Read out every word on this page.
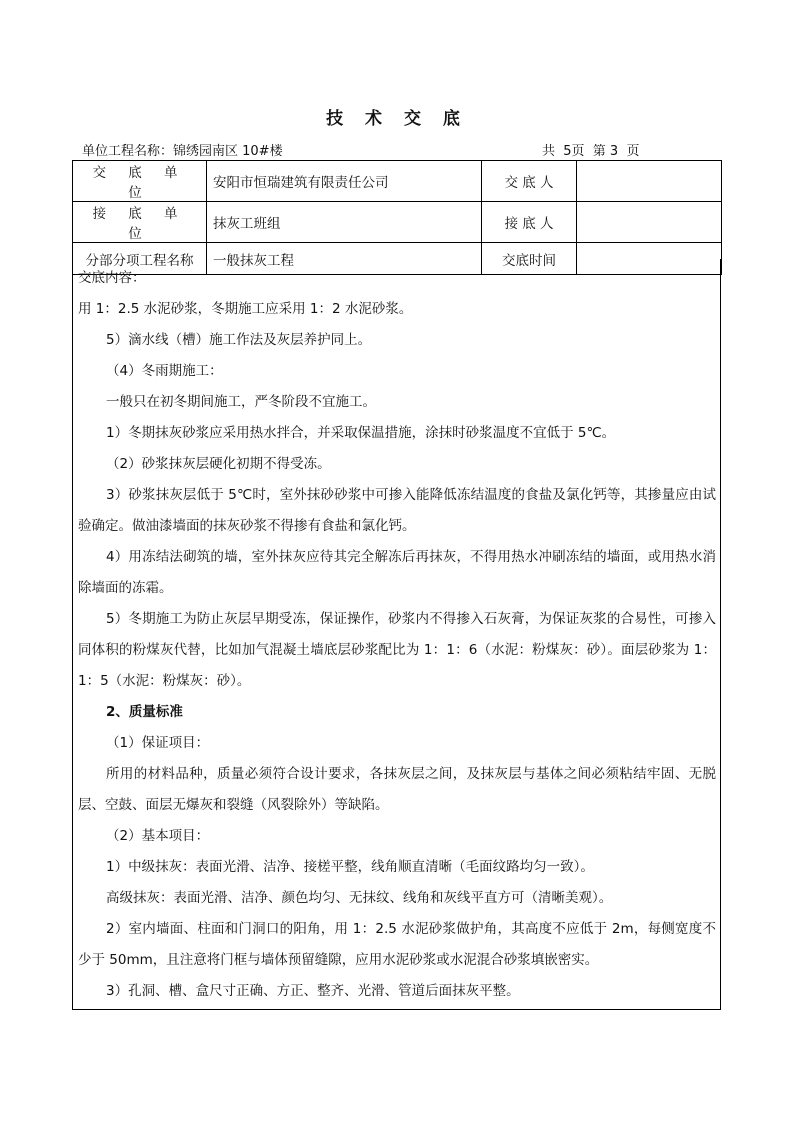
技 术 交 底
单位工程名称：锦绣园南区 10#楼	共  5页  第 3  页
交 底 单 位	安阳市恒瑞建筑有限责任公司	交 底 人	
接 底 单 位	抹灰工班组	接 底 人	
分部分项工程名称	一般抹灰工程	交底时间	

交底内容：

用 1：2.5 水泥砂浆，冬期施工应采用 1：2 水泥砂浆。

5）滴水线（槽）施工作法及灰层养护同上。

（4）冬雨期施工：

一般只在初冬期间施工，严冬阶段不宜施工。

1）冬期抹灰砂浆应采用热水拌合，并采取保温措施，涂抹时砂浆温度不宜低于 5℃。

（2）砂浆抹灰层硬化初期不得受冻。

3）砂浆抹灰层低于 5℃时，室外抹砂砂浆中可掺入能降低冻结温度的食盐及氯化钙等，其掺量应由试验确定。做油漆墙面的抹灰砂浆不得掺有食盐和氯化钙。

4）用冻结法砌筑的墙，室外抹灰应待其完全解冻后再抹灰，不得用热水冲刷冻结的墙面，或用热水消除墙面的冻霜。

5）冬期施工为防止灰层早期受冻，保证操作，砂浆内不得掺入石灰膏，为保证灰浆的合易性，可掺入同体积的粉煤灰代替，比如加气混凝土墙底层砂浆配比为 1：1：6（水泥：粉煤灰：砂）。面层砂浆为 1：1：5（水泥：粉煤灰：砂）。

2、质量标准

（1）保证项目：

所用的材料品种，质量必须符合设计要求，各抹灰层之间，及抹灰层与基体之间必须粘结牢固、无脱层、空鼓、面层无爆灰和裂缝（风裂除外）等缺陷。

（2）基本项目：

1）中级抹灰：表面光滑、洁净、接槎平整，线角顺直清晰（毛面纹路均匀一致）。

高级抹灰：表面光滑、洁净、颜色均匀、无抹纹、线角和灰线平直方可（清晰美观）。

2）室内墙面、柱面和门洞口的阳角，用 1：2.5 水泥砂浆做护角，其高度不应低于 2m，每侧宽度不少于 50mm，且注意将门框与墙体预留缝隙，应用水泥砂浆或水泥混合砂浆填嵌密实。

3）孔洞、槽、盒尺寸正确、方正、整齐、光滑、管道后面抹灰平整。
